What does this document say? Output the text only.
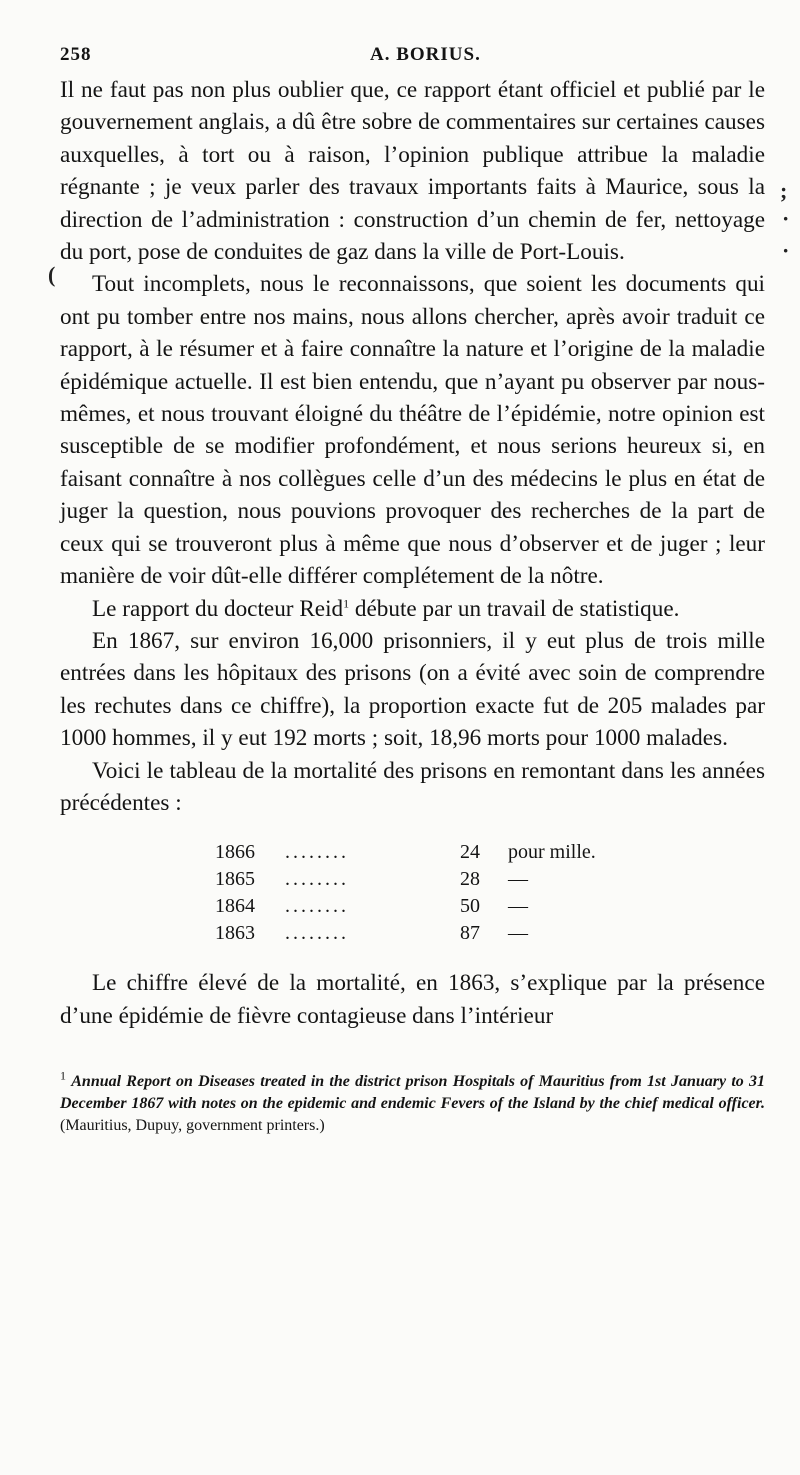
258	A. BORIUS.

Il ne faut pas non plus oublier que, ce rapport étant officiel et publié par le gouvernement anglais, a dû être sobre de commentaires sur certaines causes auxquelles, à tort ou à raison, l’opinion publique attribue la maladie régnante ; je veux parler des travaux importants faits à Maurice, sous la direction de l’administration : construction d’un chemin de fer, nettoyage du port, pose de conduites de gaz dans la ville de Port-Louis.

Tout incomplets, nous le reconnaissons, que soient les documents qui ont pu tomber entre nos mains, nous allons chercher, après avoir traduit ce rapport, à le résumer et à faire connaître la nature et l’origine de la maladie épidémique actuelle. Il est bien entendu, que n’ayant pu observer par nous-mêmes, et nous trouvant éloigné du théâtre de l’épidémie, notre opinion est susceptible de se modifier profondément, et nous serions heureux si, en faisant connaître à nos collègues celle d’un des médecins le plus en état de juger la question, nous pouvions provoquer des recherches de la part de ceux qui se trouveront plus à même que nous d’observer et de juger ; leur manière de voir dût-elle différer complétement de la nôtre.

Le rapport du docteur Reid$^1$ débute par un travail de statistique.

En 1867, sur environ 16,000 prisonniers, il y eut plus de trois mille entrées dans les hôpitaux des prisons (on a évité avec soin de comprendre les rechutes dans ce chiffre), la proportion exacte fut de 205 malades par 1000 hommes, il y eut 192 morts ; soit, 18,96 morts pour 1000 malades.

Voici le tableau de la mortalité des prisons en remontant dans les années précédentes :

1866	........	24	pour mille.
1865	........	28	—
1864	........	50	—
1863	........	87	—

Le chiffre élevé de la mortalité, en 1863, s’explique par la présence d’une épidémie de fièvre contagieuse dans l’intérieur

$^1$ Annual Report on Diseases treated in the district prison Hospitals of Mauritius from 1st January to 31 December 1867 with notes on the epidemic and endemic Fevers of the Island by the chief medical officer. (Mauritius, Dupuy, government printers.)
(
;
·
·
